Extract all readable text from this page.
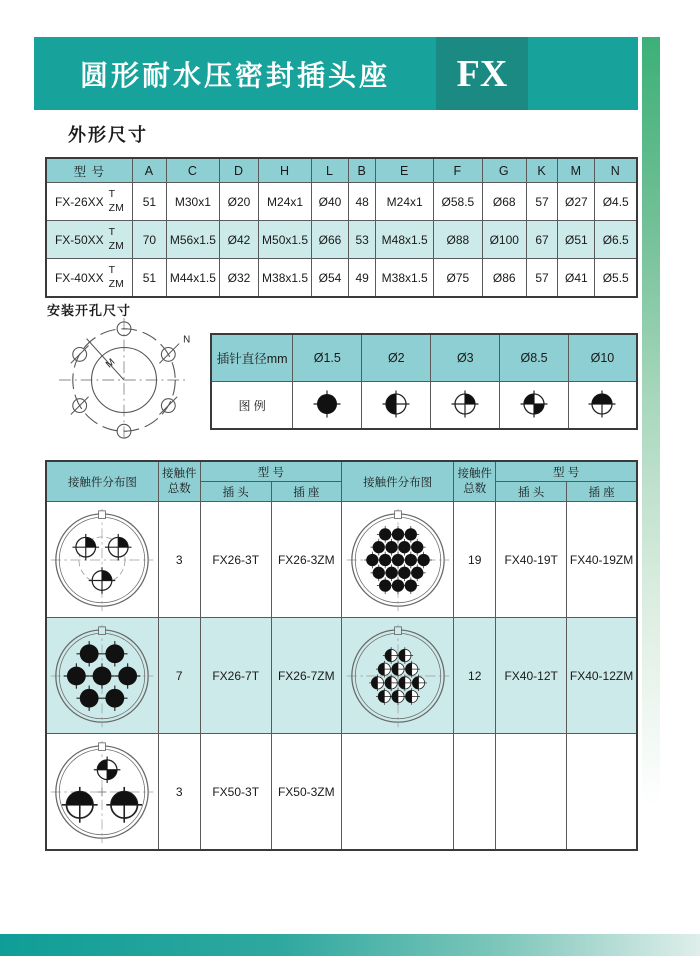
圆形耐水压密封插头座	FX
外形尺寸
型 号	A	C	D	H	L	B	E	F	G	K	M	N

FX-26XX
T
ZM	51	M30x1	Ø20	M24x1	Ø40	48	M24x1	Ø58.5	Ø68	57	Ø27	Ø4.5

FX-50XX
T
ZM	70	M56x1.5	Ø42	M50x1.5	Ø66	53	M48x1.5	Ø88	Ø100	67	Ø51	Ø6.5

FX-40XX
T
ZM	51	M44x1.5	Ø32	M38x1.5	Ø54	49	M38x1.5	Ø75	Ø86	57	Ø41	Ø5.5
安装开孔尺寸
N
M	插针直径mm	Ø1.5	Ø2	Ø3	Ø8.5	Ø10
图 例					
接触件分布图	
接触件
总数
	型 号	接触件分布图	
接触件
总数
	型 号
		插 头	插 座			插 头	插 座

	3	FX26-3T	FX26-3ZM		19	FX40-19T	FX40-19ZM

	7	FX26-7T	FX26-7ZM		12	FX40-12T	FX40-12ZM

	3	FX50-3T	FX50-3ZM				
